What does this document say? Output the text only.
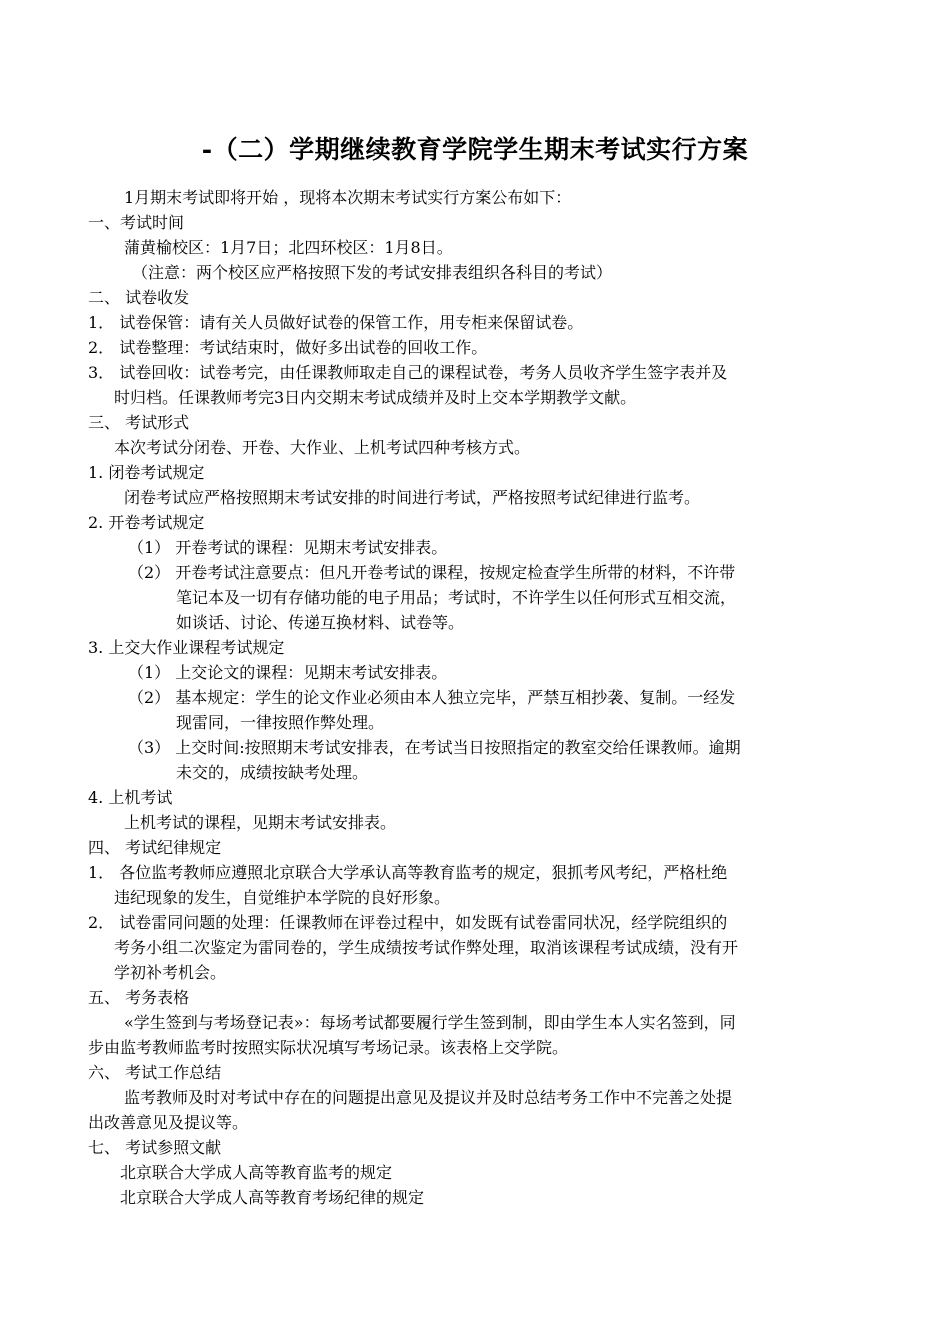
-（二）学期继续教育学院学生期末考试实行方案
1月期末考试即将开始 ，现将本次期末考试实行方案公布如下：
一、考试时间
蒲黄榆校区：1月7日；北四环校区：1月8日。
（注意：两个校区应严格按照下发的考试安排表组织各科目的考试）
二、 试卷收发
1． 试卷保管：请有关人员做好试卷的保管工作，用专柜来保留试卷。
2． 试卷整理：考试结束时，做好多出试卷的回收工作。
3． 试卷回收：试卷考完，由任课教师取走自己的课程试卷，考务人员收齐学生签字表并及
时归档。任课教师考完3日内交期末考试成绩并及时上交本学期教学文献。
三、 考试形式
本次考试分闭卷、开卷、大作业、上机考试四种考核方式。
1. 闭卷考试规定
闭卷考试应严格按照期末考试安排的时间进行考试，严格按照考试纪律进行监考。
2. 开卷考试规定
（1） 开卷考试的课程：见期末考试安排表。
（2） 开卷考试注意要点：但凡开卷考试的课程，按规定检查学生所带的材料，不许带
笔记本及一切有存储功能的电子用品；考试时，不许学生以任何形式互相交流，
如谈话、讨论、传递互换材料、试卷等。
3. 上交大作业课程考试规定
（1） 上交论文的课程：见期末考试安排表。
（2） 基本规定：学生的论文作业必须由本人独立完毕，严禁互相抄袭、复制。一经发
现雷同，一律按照作弊处理。
（3） 上交时间:按照期末考试安排表，在考试当日按照指定的教室交给任课教师。逾期
未交的，成绩按缺考处理。
4. 上机考试
上机考试的课程，见期末考试安排表。
四、 考试纪律规定
1． 各位监考教师应遵照北京联合大学承认高等教育监考的规定，狠抓考风考纪，严格杜绝
违纪现象的发生，自觉维护本学院的良好形象。
2． 试卷雷同问题的处理：任课教师在评卷过程中，如发既有试卷雷同状况，经学院组织的
考务小组二次鉴定为雷同卷的，学生成绩按考试作弊处理，取消该课程考试成绩，没有开
学初补考机会。
五、 考务表格
«学生签到与考场登记表»：每场考试都要履行学生签到制，即由学生本人实名签到，同
步由监考教师监考时按照实际状况填写考场记录。该表格上交学院。
六、 考试工作总结
监考教师及时对考试中存在的问题提出意见及提议并及时总结考务工作中不完善之处提
出改善意见及提议等。
七、 考试参照文献
北京联合大学成人高等教育监考的规定
北京联合大学成人高等教育考场纪律的规定
